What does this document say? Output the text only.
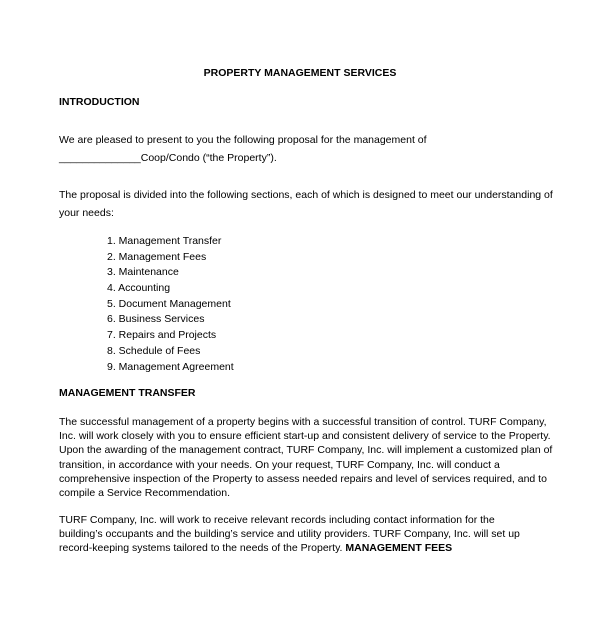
PROPERTY MANAGEMENT SERVICES
INTRODUCTION
We are pleased to present to you the following proposal for the management of
______________Coop/Condo (“the Property”).
The proposal is divided into the following sections, each of which is designed to meet our understanding of
your needs:
1. Management Transfer
2. Management Fees
3. Maintenance
4. Accounting
5. Document Management
6. Business Services
7. Repairs and Projects
8. Schedule of Fees
9. Management Agreement
MANAGEMENT TRANSFER
The successful management of a property begins with a successful transition of control. TURF Company,
Inc. will work closely with you to ensure efficient start-up and consistent delivery of service to the Property.
Upon the awarding of the management contract, TURF Company, Inc. will implement a customized plan of
transition, in accordance with your needs. On your request, TURF Company, Inc. will conduct a
comprehensive inspection of the Property to assess needed repairs and level of services required, and to
compile a Service Recommendation.
TURF Company, Inc. will work to receive relevant records including contact information for the
building’s occupants and the building’s service and utility providers. TURF Company, Inc. will set up
record-keeping systems tailored to the needs of the Property. MANAGEMENT FEES
